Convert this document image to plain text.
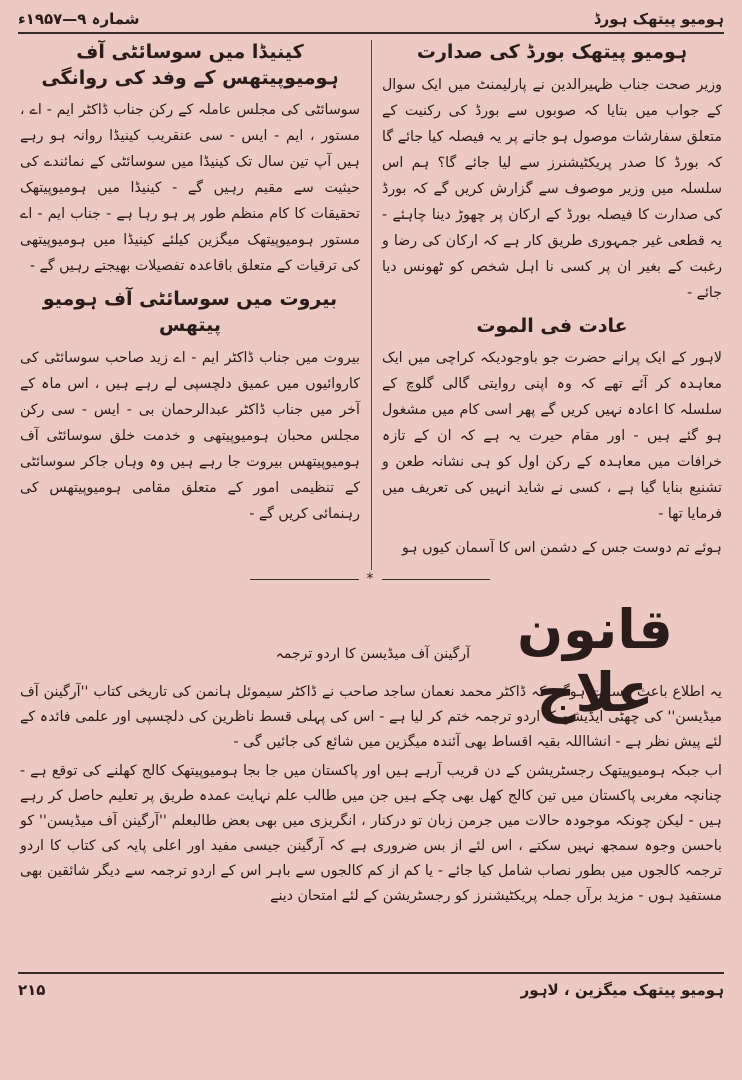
شمارہ ۹—۱۹۵۷ء	ہومیو پیتھک ہورڈ
ہومیو پیتھک بورڈ کی صدارت

وزیر صحت جناب ظہیرالدین نے پارلیمنٹ میں ایک سوال کے جواب میں بتایا کہ صوبوں سے بورڈ کی رکنیت کے متعلق سفارشات موصول ہو جانے پر یہ فیصلہ کیا جائے گا کہ بورڈ کا صدر پریکٹیشنرز سے لیا جائے گا؟ ہم اس سلسلہ میں وزیر موصوف سے گزارش کریں گے کہ بورڈ کی صدارت کا فیصلہ بورڈ کے ارکان پر چھوڑ دینا چاہئے - یہ قطعی غیر جمہوری طریق کار ہے کہ ارکان کی رضا و رغبت کے بغیر ان پر کسی نا اہل شخص کو ٹھونس دیا جائے -

عادت فی الموت

لاہور کے ایک پرانے حضرت جو باوجودیکہ کراچی میں ایک معاہدہ کر آئے تھے کہ وہ اپنی روایتی گالی گلوچ کے سلسلہ کا اعادہ نہیں کریں گے پھر اسی کام میں مشغول ہو گئے ہیں - اور مقام حیرت یہ ہے کہ ان کے تازہ خرافات میں معاہدہ کے رکن اول کو ہی نشانہ طعن و تشنیع بنایا گیا ہے ، کسی نے شاید انہیں کی تعریف میں فرمایا تھا -

ہوئے تم دوست جس کے دشمن اس کا آسمان کیوں ہو

کینیڈا میں سوسائٹی آف ہومیوپیتھس کے وفد کی روانگی

سوسائٹی کی مجلس عاملہ کے رکن جناب ڈاکٹر ایم - اے ، مستور ، ایم - ایس - سی عنقریب کینیڈا روانہ ہو رہے ہیں آپ تین سال تک کینیڈا میں سوسائٹی کے نمائندے کی حیثیت سے مقیم رہیں گے - کینیڈا میں ہومیوپیتھک تحقیقات کا کام منظم طور پر ہو رہا ہے - جناب ایم - اے مستور ہومیوپیتھک میگزین کیلئے کینیڈا میں ہومیوپیتھی کی ترقیات کے متعلق باقاعدہ تفصیلات بھیجتے رہیں گے -

بیروت میں سوسائٹی آف ہومیو پیتھس

بیروت میں جناب ڈاکٹر ایم - اے زید صاحب سوسائٹی کی کاروائیوں میں عمیق دلچسپی لے رہے ہیں ، اس ماہ کے آخر میں جناب ڈاکٹر عبدالرحمان بی - ایس - سی رکن مجلس محبان ہومیوپیتھی و خدمت خلق سوسائٹی آف ہومیوپیتھس بیروت جا رہے ہیں وہ وہاں جاکر سوسائٹی کے تنظیمی امور کے متعلق مقامی ہومیوپیتھس کی رہنمائی کریں گے -

*
قانون علاج
آرگینن آف میڈیسن کا اردو ترجمہ

یہ اطلاع باعث مسرت ہوگی کہ ڈاکٹر محمد نعمان ساجد صاحب نے ڈاکٹر سیموئل ہانمن کی تاریخی کتاب ''آرگینن آف میڈیسن'' کی چھٹی ایڈیشن کا اردو ترجمہ ختم کر لیا ہے - اس کی پہلی قسط ناظرین کی دلچسپی اور علمی فائدہ کے لئے پیش نظر ہے - انشااللہ بقیہ اقساط بھی آئندہ میگزین میں شائع کی جائیں گی -

اب جبکہ ہومیوپیتھک رجسٹریشن کے دن قریب آرہے ہیں اور پاکستان میں جا بجا ہومیوپیتھک کالج کھلنے کی توقع ہے - چنانچہ مغربی پاکستان میں تین کالج کھل بھی چکے ہیں جن میں طالب علم نہایت عمدہ طریق پر تعلیم حاصل کر رہے ہیں - لیکن چونکہ موجودہ حالات میں جرمن زبان تو درکنار ، انگریزی میں بھی بعض طالبعلم ''آرگینن آف میڈیسن'' کو باحسن وجوہ سمجھ نہیں سکتے ، اس لئے از بس ضروری ہے کہ آرگینن جیسی مفید اور اعلی پایہ کی کتاب کا اردو ترجمہ کالجوں میں بطور نصاب شامل کیا جائے - یا کم از کم کالجوں سے باہر اس کے اردو ترجمہ سے دیگر شائقین بھی مستفید ہوں - مزید برآں جملہ پریکٹیشنرز کو رجسٹریشن کے لئے امتحان دینے

۲۱۵	ہومیو پیتھک میگزین ، لاہور
